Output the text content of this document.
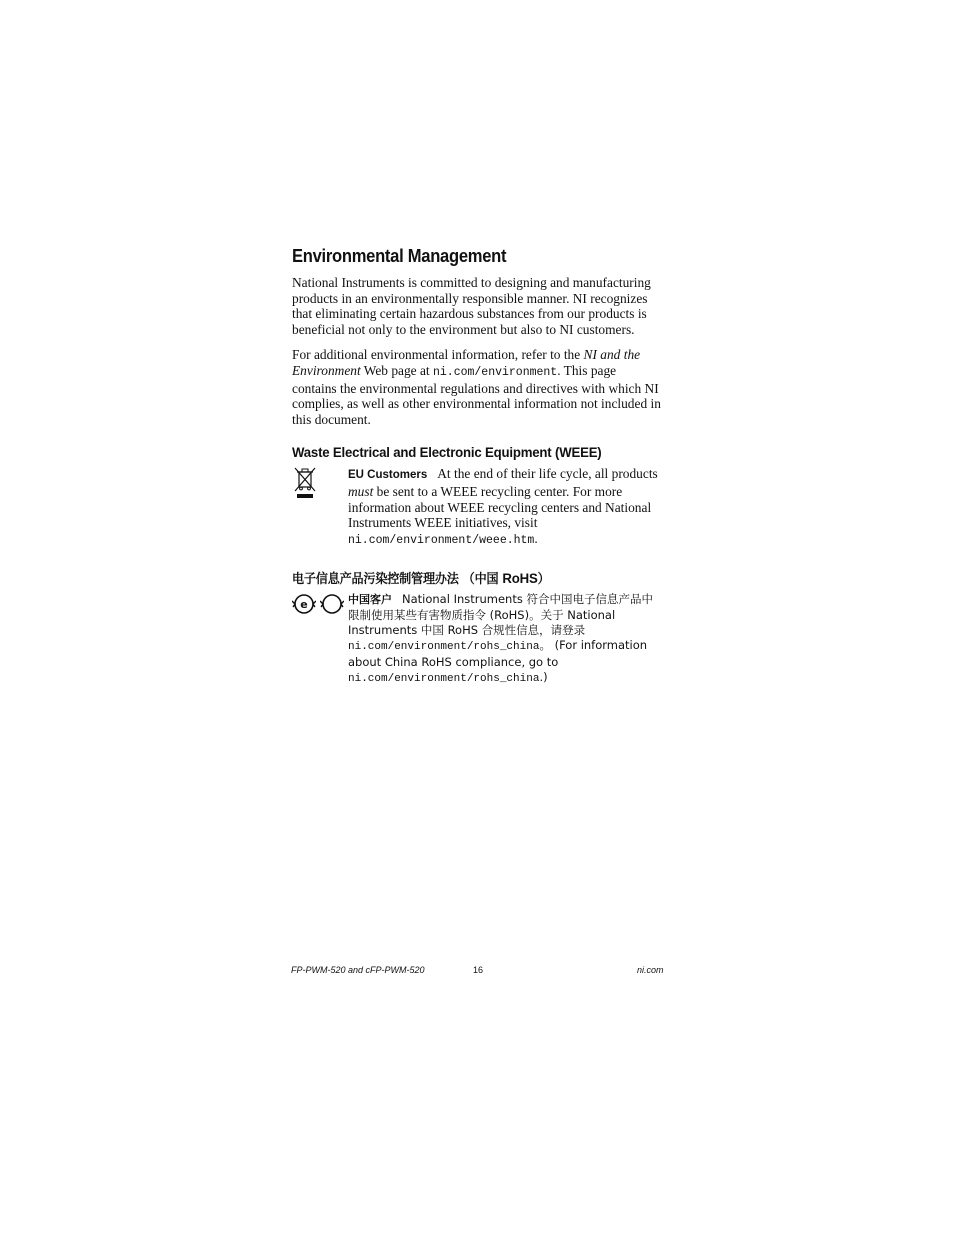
Environmental Management

National Instruments is committed to designing and manufacturing products in an environmentally responsible manner. NI recognizes that eliminating certain hazardous substances from our products is beneficial not only to the environment but also to NI customers.

For additional environmental information, refer to the NI and the Environment Web page at ni.com/environment. This page contains the environmental regulations and directives with which NI complies, as well as other environmental information not included in this document.

Waste Electrical and Electronic Equipment (WEEE)
EU Customers At the end of their life cycle, all products must be sent to a WEEE recycling center. For more information about WEEE recycling centers and National Instruments WEEE initiatives, visit ni.com/environment/weee.htm.
电子信息产品污染控制管理办法 （中国 RoHS）
e
	中国客户 National Instruments 符合中国电子信息产品中限制使用某些有害物质指令 (RoHS)。关于 National Instruments 中国 RoHS 合规性信息，请登录 ni.com/environment/rohs_china。 (For information about China RoHS compliance, go to ni.com/environment/rohs_china.)
FP-PWM-520 and cFP-PWM-520	16	ni.com
